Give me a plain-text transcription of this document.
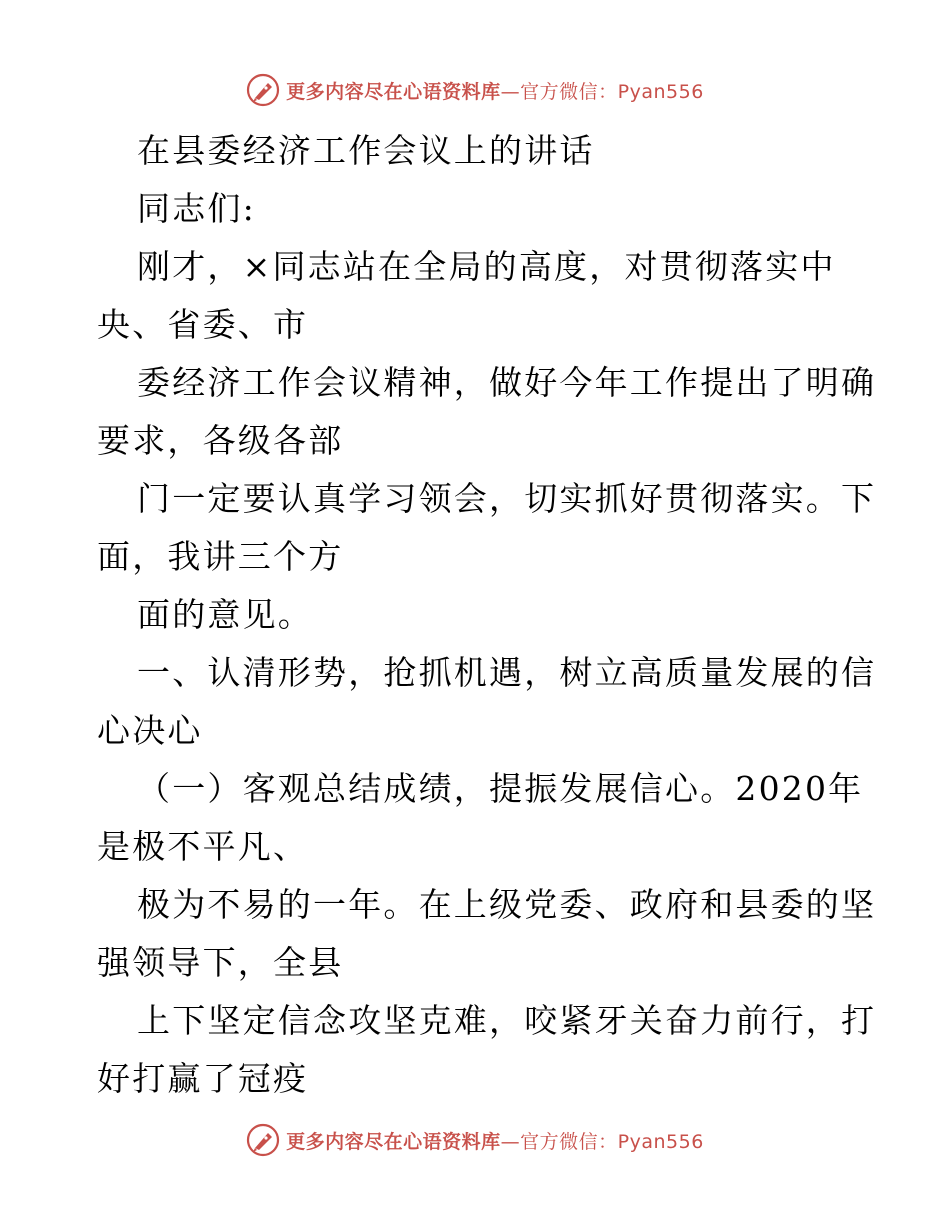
更多内容尽在心语资料库—官方微信：Pyan556
在县委经济工作会议上的讲话
同志们:
刚才，×同志站在全局的高度，对贯彻落实中
央、省委、市
委经济工作会议精神，做好今年工作提出了明确
要求，各级各部
门一定要认真学习领会，切实抓好贯彻落实。下
面，我讲三个方
面的意见。
一、认清形势，抢抓机遇，树立高质量发展的信
心决心
（一）客观总结成绩，提振发展信心。2020年
是极不平凡、
极为不易的一年。在上级党委、政府和县委的坚
强领导下，全县
上下坚定信念攻坚克难，咬紧牙关奋力前行，打
好打赢了冠疫
更多内容尽在心语资料库—官方微信：Pyan556
